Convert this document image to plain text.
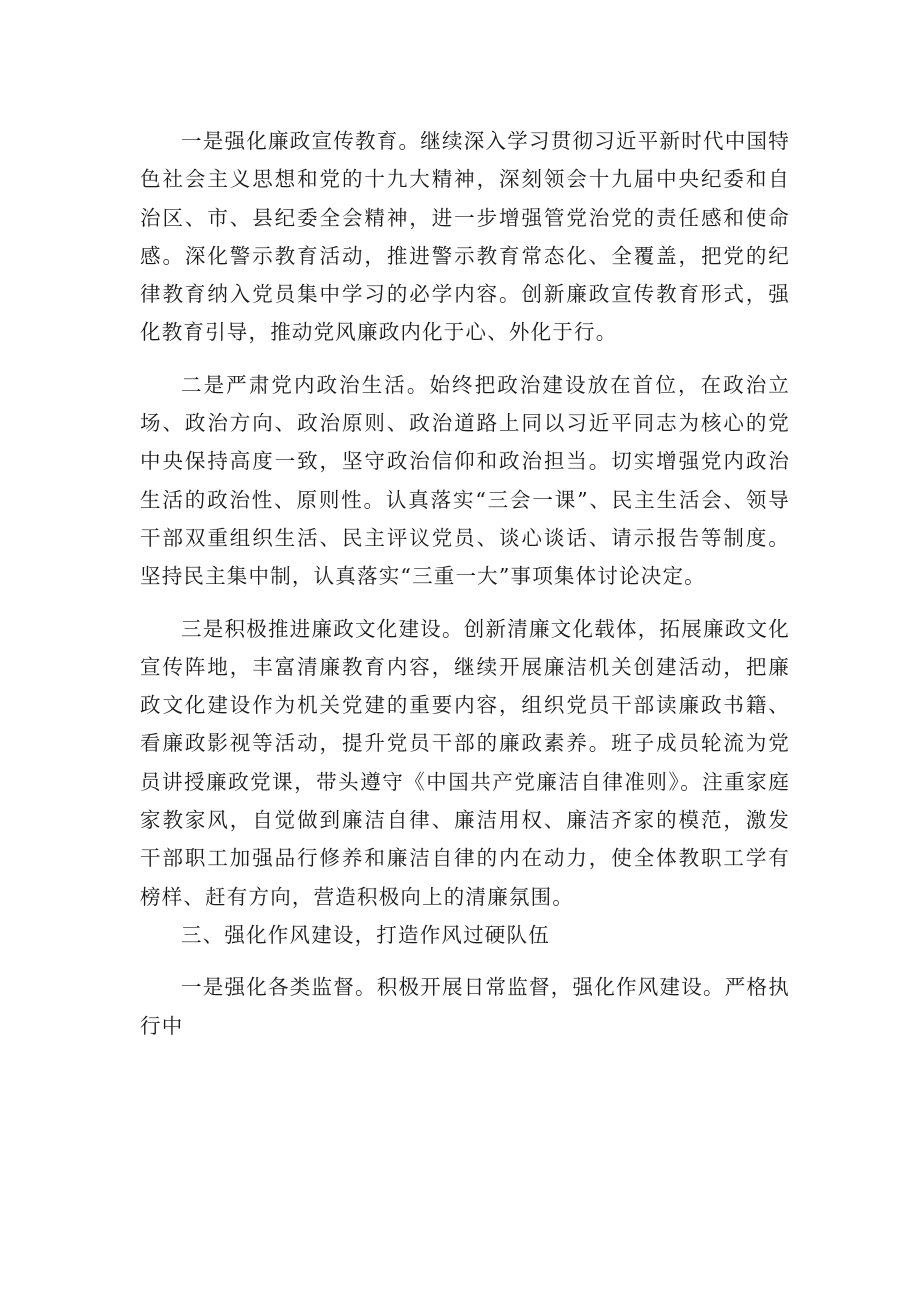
一是强化廉政宣传教育。继续深入学习贯彻习近平新时代中国特色社会主义思想和党的十九大精神，深刻领会十九届中央纪委和自治区、市、县纪委全会精神，进一步增强管党治党的责任感和使命感。深化警示教育活动，推进警示教育常态化、全覆盖，把党的纪律教育纳入党员集中学习的必学内容。创新廉政宣传教育形式，强化教育引导，推动党风廉政内化于心、外化于行。

二是严肃党内政治生活。始终把政治建设放在首位，在政治立场、政治方向、政治原则、政治道路上同以习近平同志为核心的党中央保持高度一致，坚守政治信仰和政治担当。切实增强党内政治生活的政治性、原则性。认真落实“三会一课”、民主生活会、领导干部双重组织生活、民主评议党员、谈心谈话、请示报告等制度。坚持民主集中制，认真落实“三重一大”事项集体讨论决定。

三是积极推进廉政文化建设。创新清廉文化载体，拓展廉政文化宣传阵地，丰富清廉教育内容，继续开展廉洁机关创建活动，把廉政文化建设作为机关党建的重要内容，组织党员干部读廉政书籍、看廉政影视等活动，提升党员干部的廉政素养。班子成员轮流为党员讲授廉政党课，带头遵守《中国共产党廉洁自律准则》。注重家庭家教家风，自觉做到廉洁自律、廉洁用权、廉洁齐家的模范，激发干部职工加强品行修养和廉洁自律的内在动力，使全体教职工学有榜样、赶有方向，营造积极向上的清廉氛围。

三、强化作风建设，打造作风过硬队伍

一是强化各类监督。积极开展日常监督，强化作风建设。严格执行中
